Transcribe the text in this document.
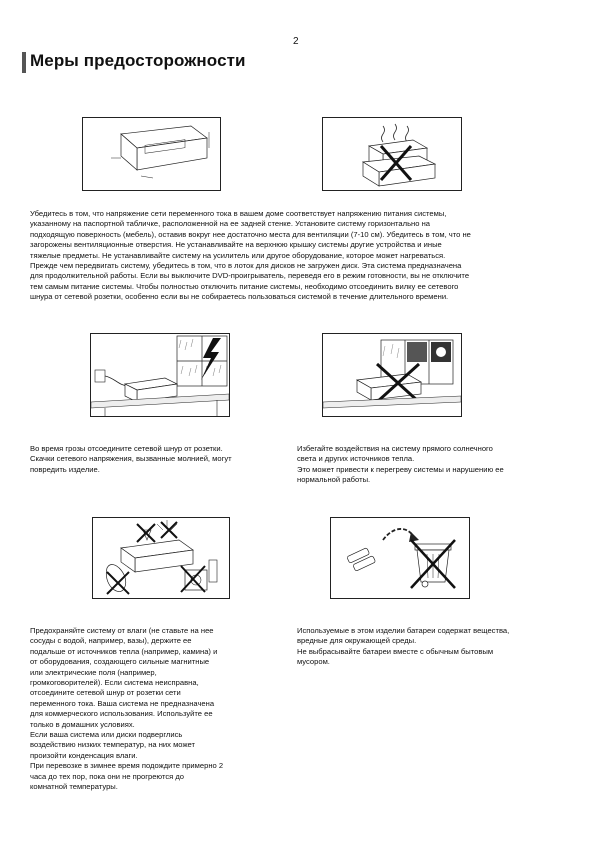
2
Меры предосторожности
Убедитесь в том, что напряжение сети переменного тока в вашем доме соответствует напряжению питания системы,
указанному на паспортной табличке, расположенной на ее задней стенке. Установите систему горизонтально на
подходящую поверхность (мебель), оставив вокруг нее достаточно места для вентиляции (7-10 см). Убедитесь в том, что не
загорожены вентиляционные отверстия. Не устанавливайте на верхнюю крышку системы другие устройства и иные
тяжелые предметы. Не устанавливайте систему на усилитель или другое оборудование, которое может нагреваться.
Прежде чем передвигать систему, убедитесь в том, что в лоток для дисков не загружен диск. Эта система предназначена
для продолжительной работы. Если вы выключите DVD-проигрыватель, переведя его в режим готовности, вы не отключите
тем самым питание системы. Чтобы полностью отключить питание системы, необходимо отсоединить вилку ее сетевого
шнура от сетевой розетки, особенно если вы не собираетесь пользоваться системой в течение длительного времени.
Во время грозы отсоедините сетевой шнур от розетки.
Скачки сетевого напряжения, вызванные молнией, могут
повредить изделие.
Избегайте воздействия на систему прямого солнечного
света и других источников тепла.
Это может привести к перегреву системы и нарушению ее
нормальной работы.
Предохраняйте систему от влаги (не ставьте на нее
сосуды с водой, например, вазы), держите ее
подальше от источников тепла (например, камина) и
от оборудования, создающего сильные магнитные
или электрические поля (например,
громкоговорителей). Если система неисправна,
отсоедините сетевой шнур от розетки сети
переменного тока. Ваша система не предназначена
для коммерческого использования. Используйте ее
только в домашних условиях.
Если ваша система или диски подверглись
воздействию низких температур, на них может
произойти конденсация влаги.
При перевозке в зимнее время подождите примерно 2
часа до тех пор, пока они не прогреются до
комнатной температуры.
Используемые в этом изделии батареи содержат вещества,
вредные для окружающей среды.
Не выбрасывайте батареи вместе с обычным бытовым
мусором.
